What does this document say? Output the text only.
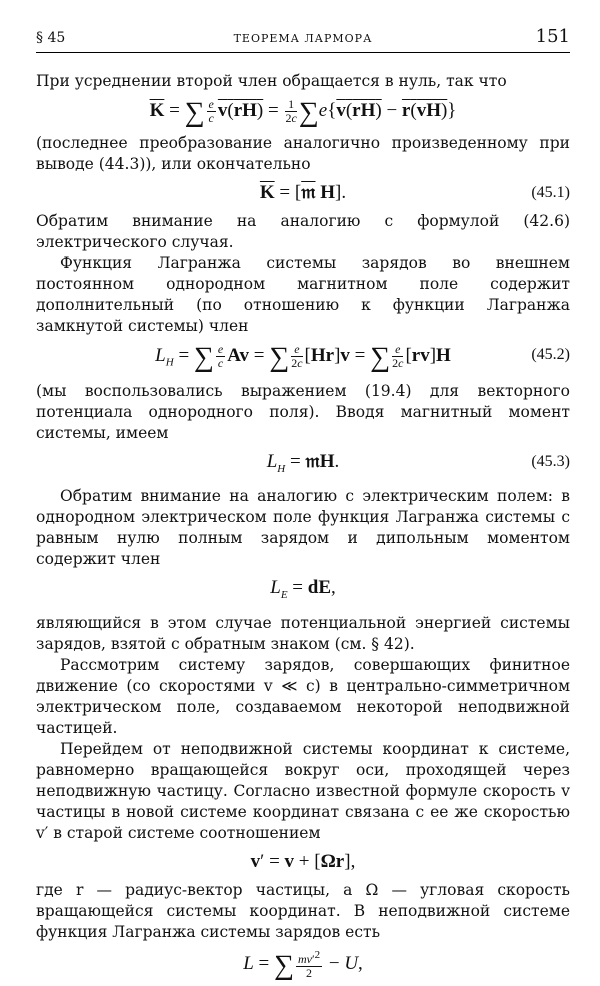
§ 45	ТЕОРЕМА ЛАРМОРА	151

При усреднении второй член обращается в нуль, так что

$\overline{K}$ = ∑ $\frac{e}{c} v(rH) = \frac{1}{2c} \sum e\{v(rH) - r(vH)\}$

(последнее преобразование аналогично произведенному при выводе (44.3)), или окончательно

$\overline{K}$ = [𝔪 H].	(45.1)

Обратим внимание на аналогию с формулой (42.6) электрического случая.

Функция Лагранжа системы зарядов во внешнем постоянном однородном магнитном поле содержит дополнительный (по отношению к функции Лагранжа замкнутой системы) член

$L_H$ = ∑ $\frac{e}{c}$ Av = ∑ $\frac{e}{2c} [Hr]v$ = ∑ $\frac{e}{2c} [rv]H$	(45.2)

(мы воспользовались выражением (19.4) для векторного потенциала однородного поля). Вводя магнитный момент системы, имеем

$L_H$ = 𝔪H.	(45.3)

Обратим внимание на аналогию с электрическим полем: в однородном электрическом поле функция Лагранжа системы с равным нулю полным зарядом и дипольным моментом содержит член

$L_E$ = dE,

являющийся в этом случае потенциальной энергией системы зарядов, взятой с обратным знаком (см. § 42).

Рассмотрим систему зарядов, совершающих финитное движение (со скоростями v ≪ c) в центрально-симметричном электрическом поле, создаваемом некоторой неподвижной частицей.

Перейдем от неподвижной системы координат к системе, равномерно вращающейся вокруг оси, проходящей через неподвижную частицу. Согласно известной формуле скорость v частицы в новой системе координат связана с ее же скоростью v′ в старой системе соотношением

v′ = v + [Ωr],

где r — радиус-вектор частицы, а Ω — угловая скорость вращающейся системы координат. В неподвижной системе функция Лагранжа системы зарядов есть

L = ∑ $\frac{mv'^2}{2} - U$,
